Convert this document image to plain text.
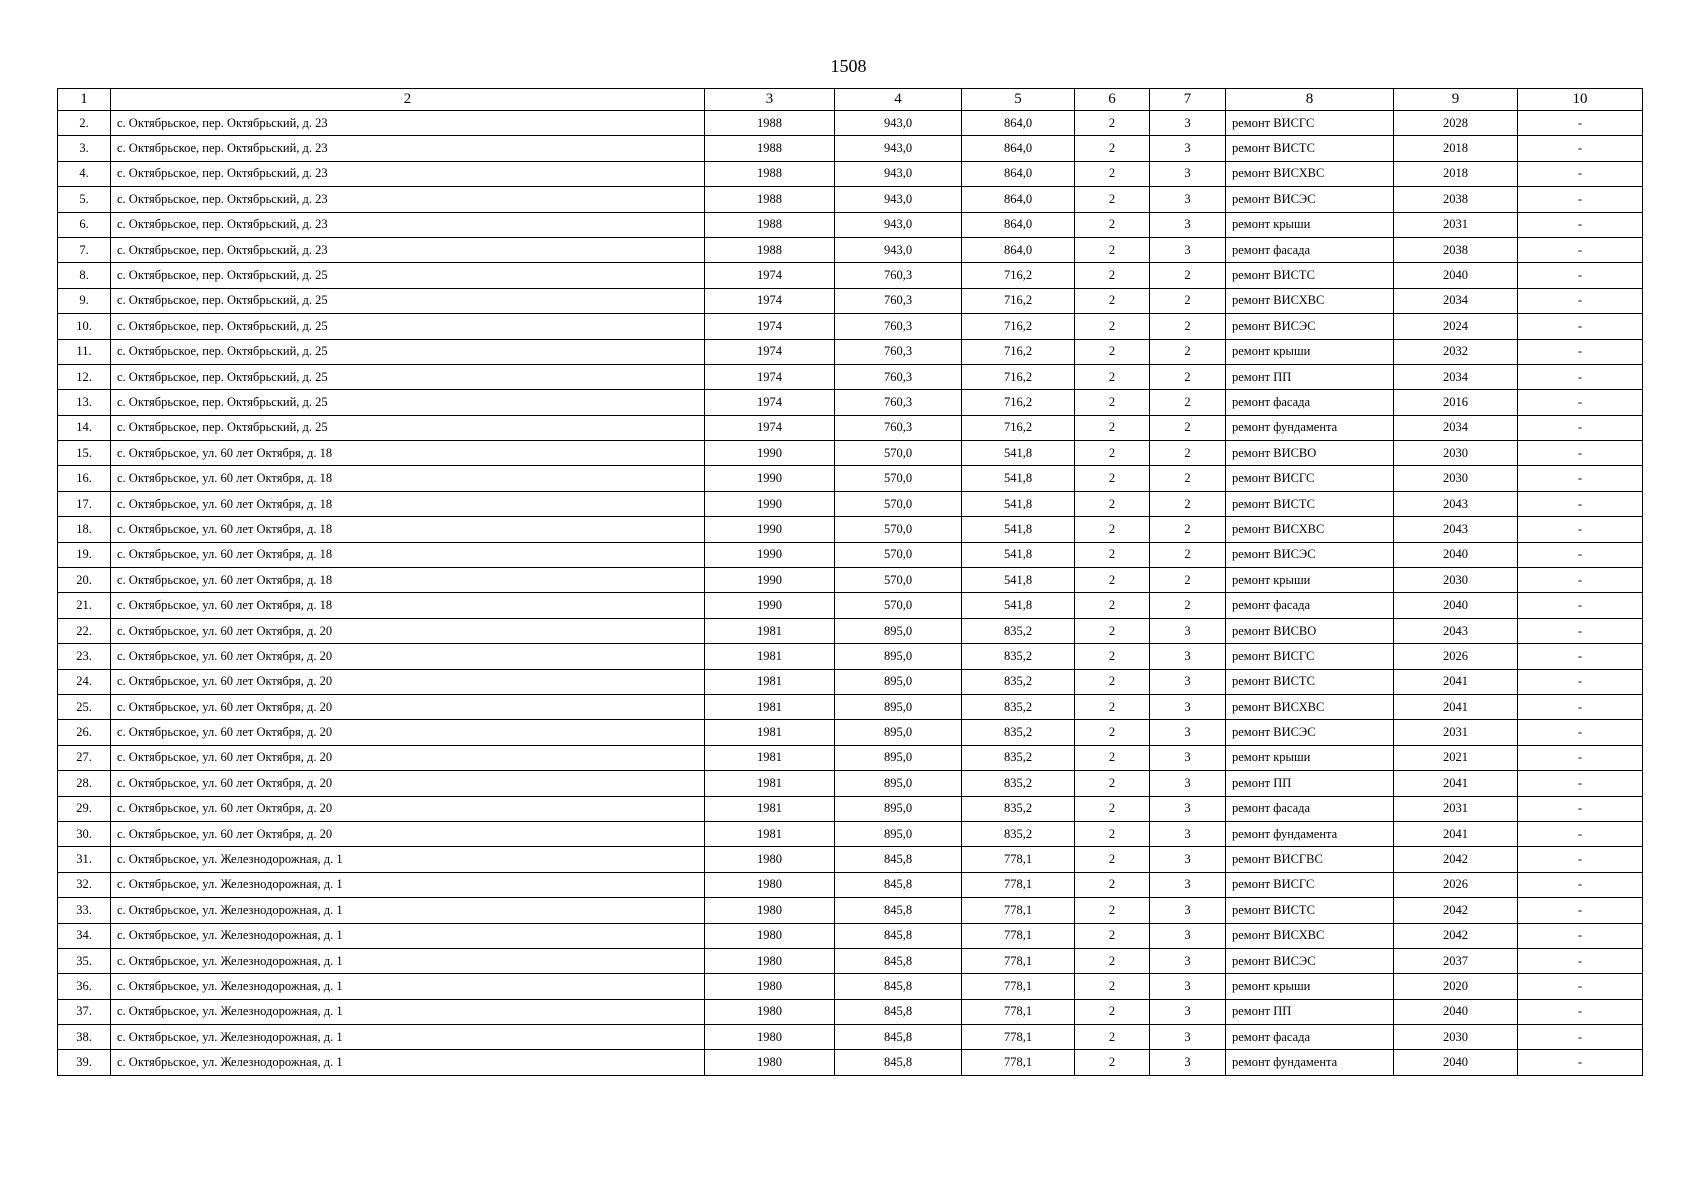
1508
1	2	3	4	5	6	7	8	9	10
2.	с. Октябрьское, пер. Октябрьский, д. 23	1988	943,0	864,0	2	3	ремонт ВИСГС	2028	-
3.	с. Октябрьское, пер. Октябрьский, д. 23	1988	943,0	864,0	2	3	ремонт ВИСТС	2018	-
4.	с. Октябрьское, пер. Октябрьский, д. 23	1988	943,0	864,0	2	3	ремонт ВИСХВС	2018	-
5.	с. Октябрьское, пер. Октябрьский, д. 23	1988	943,0	864,0	2	3	ремонт ВИСЭС	2038	-
6.	с. Октябрьское, пер. Октябрьский, д. 23	1988	943,0	864,0	2	3	ремонт крыши	2031	-
7.	с. Октябрьское, пер. Октябрьский, д. 23	1988	943,0	864,0	2	3	ремонт фасада	2038	-
8.	с. Октябрьское, пер. Октябрьский, д. 25	1974	760,3	716,2	2	2	ремонт ВИСТС	2040	-
9.	с. Октябрьское, пер. Октябрьский, д. 25	1974	760,3	716,2	2	2	ремонт ВИСХВС	2034	-
10.	с. Октябрьское, пер. Октябрьский, д. 25	1974	760,3	716,2	2	2	ремонт ВИСЭС	2024	-
11.	с. Октябрьское, пер. Октябрьский, д. 25	1974	760,3	716,2	2	2	ремонт крыши	2032	-
12.	с. Октябрьское, пер. Октябрьский, д. 25	1974	760,3	716,2	2	2	ремонт ПП	2034	-
13.	с. Октябрьское, пер. Октябрьский, д. 25	1974	760,3	716,2	2	2	ремонт фасада	2016	-
14.	с. Октябрьское, пер. Октябрьский, д. 25	1974	760,3	716,2	2	2	ремонт фундамента	2034	-
15.	с. Октябрьское, ул. 60 лет Октября, д. 18	1990	570,0	541,8	2	2	ремонт ВИСВО	2030	-
16.	с. Октябрьское, ул. 60 лет Октября, д. 18	1990	570,0	541,8	2	2	ремонт ВИСГС	2030	-
17.	с. Октябрьское, ул. 60 лет Октября, д. 18	1990	570,0	541,8	2	2	ремонт ВИСТС	2043	-
18.	с. Октябрьское, ул. 60 лет Октября, д. 18	1990	570,0	541,8	2	2	ремонт ВИСХВС	2043	-
19.	с. Октябрьское, ул. 60 лет Октября, д. 18	1990	570,0	541,8	2	2	ремонт ВИСЭС	2040	-
20.	с. Октябрьское, ул. 60 лет Октября, д. 18	1990	570,0	541,8	2	2	ремонт крыши	2030	-
21.	с. Октябрьское, ул. 60 лет Октября, д. 18	1990	570,0	541,8	2	2	ремонт фасада	2040	-
22.	с. Октябрьское, ул. 60 лет Октября, д. 20	1981	895,0	835,2	2	3	ремонт ВИСВО	2043	-
23.	с. Октябрьское, ул. 60 лет Октября, д. 20	1981	895,0	835,2	2	3	ремонт ВИСГС	2026	-
24.	с. Октябрьское, ул. 60 лет Октября, д. 20	1981	895,0	835,2	2	3	ремонт ВИСТС	2041	-
25.	с. Октябрьское, ул. 60 лет Октября, д. 20	1981	895,0	835,2	2	3	ремонт ВИСХВС	2041	-
26.	с. Октябрьское, ул. 60 лет Октября, д. 20	1981	895,0	835,2	2	3	ремонт ВИСЭС	2031	-
27.	с. Октябрьское, ул. 60 лет Октября, д. 20	1981	895,0	835,2	2	3	ремонт крыши	2021	-
28.	с. Октябрьское, ул. 60 лет Октября, д. 20	1981	895,0	835,2	2	3	ремонт ПП	2041	-
29.	с. Октябрьское, ул. 60 лет Октября, д. 20	1981	895,0	835,2	2	3	ремонт фасада	2031	-
30.	с. Октябрьское, ул. 60 лет Октября, д. 20	1981	895,0	835,2	2	3	ремонт фундамента	2041	-
31.	с. Октябрьское, ул. Железнодорожная, д. 1	1980	845,8	778,1	2	3	ремонт ВИСГВС	2042	-
32.	с. Октябрьское, ул. Железнодорожная, д. 1	1980	845,8	778,1	2	3	ремонт ВИСГС	2026	-
33.	с. Октябрьское, ул. Железнодорожная, д. 1	1980	845,8	778,1	2	3	ремонт ВИСТС	2042	-
34.	с. Октябрьское, ул. Железнодорожная, д. 1	1980	845,8	778,1	2	3	ремонт ВИСХВС	2042	-
35.	с. Октябрьское, ул. Железнодорожная, д. 1	1980	845,8	778,1	2	3	ремонт ВИСЭС	2037	-
36.	с. Октябрьское, ул. Железнодорожная, д. 1	1980	845,8	778,1	2	3	ремонт крыши	2020	-
37.	с. Октябрьское, ул. Железнодорожная, д. 1	1980	845,8	778,1	2	3	ремонт ПП	2040	-
38.	с. Октябрьское, ул. Железнодорожная, д. 1	1980	845,8	778,1	2	3	ремонт фасада	2030	-
39.	с. Октябрьское, ул. Железнодорожная, д. 1	1980	845,8	778,1	2	3	ремонт фундамента	2040	-
